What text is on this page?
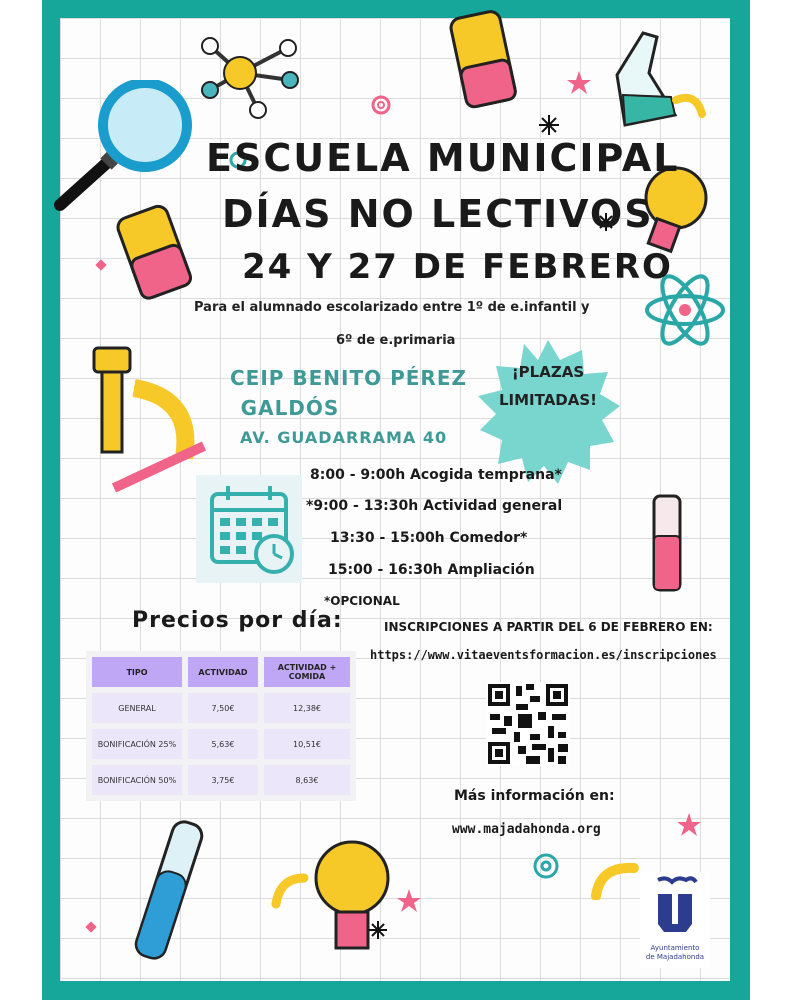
ESCUELA MUNICIPAL
DÍAS NO LECTIVOS
24 Y 27 DE FEBRERO
Para el alumnado escolarizado entre 1º de e.infantil y
6º de e.primaria
¡PLAZAS
LIMITADAS!
CEIP BENITO PÉREZ
GALDÓS
AV. GUADARRAMA 40
8:00 - 9:00h Acogida temprana*
*9:00 - 13:30h Actividad general
13:30 - 15:00h Comedor*
15:00 - 16:30h Ampliación
*OPCIONAL
Precios por día:
TIPO	ACTIVIDAD	ACTIVIDAD + COMIDA
GENERAL	7,50€	12,38€
BONIFICACIÓN 25%	5,63€	10,51€
BONIFICACIÓN 50%	3,75€	8,63€
INSCRIPCIONES A PARTIR DEL 6 DE FEBRERO EN:
https://www.vitaeventsformacion.es/inscripciones
Más información en:
www.majadahonda.org
Ayuntamiento
de Majadahonda
